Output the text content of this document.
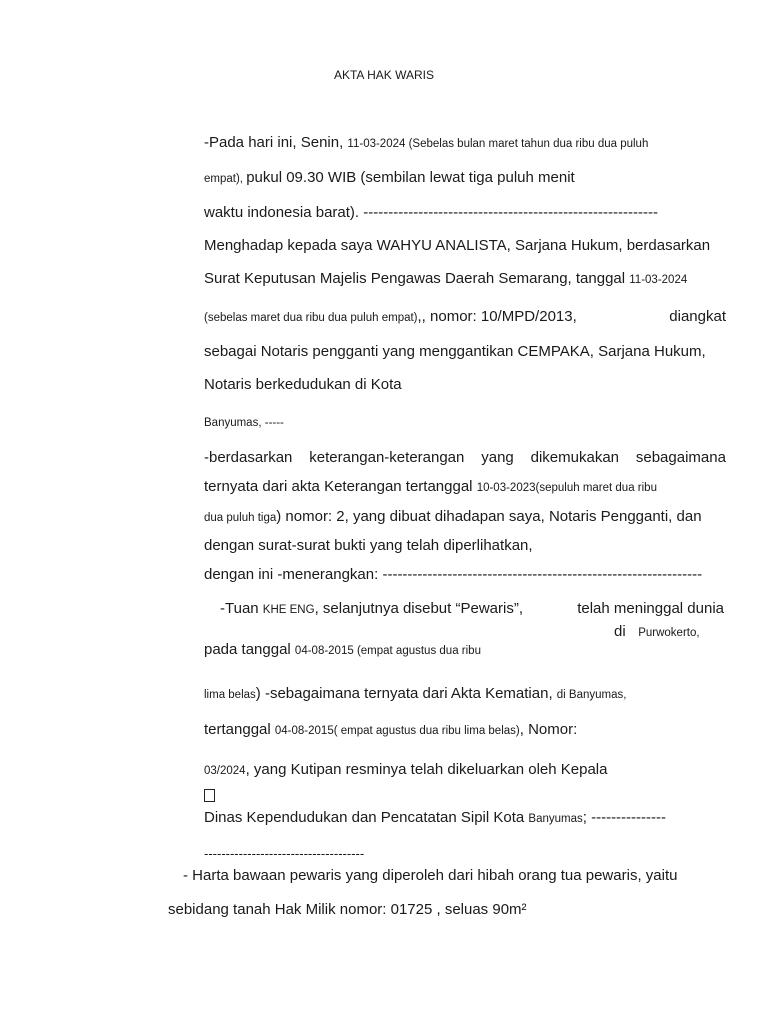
AKTA HAK WARIS
-Pada hari ini, Senin, 11-03-2024 (Sebelas bulan maret tahun dua ribu dua puluh
empat), pukul 09.30 WIB (sembilan lewat tiga puluh menit
waktu indonesia barat). -----------------------------------------------------------
Menghadap kepada saya WAHYU ANALISTA, Sarjana Hukum, berdasarkan
Surat Keputusan Majelis Pengawas Daerah Semarang, tanggal 11-03-2024
(sebelas maret dua ribu dua puluh empat),, nomor: 10/MPD/2013,	diangkat
sebagai Notaris pengganti yang menggantikan CEMPAKA, Sarjana Hukum,
Notaris berkedudukan di Kota
Banyumas, -----
-berdasarkan keterangan-keterangan yang dikemukakan sebagaimana
ternyata dari akta Keterangan tertanggal 10-03-2023(sepuluh maret dua ribu
dua puluh tiga) nomor: 2, yang dibuat dihadapan saya, Notaris Pengganti, dan
dengan surat-surat bukti yang telah diperlihatkan,
dengan ini -menerangkan: ----------------------------------------------------------------
-Tuan KHE ENG, selanjutnya disebut “Pewaris”,	telah meninggal dunia
di Purwokerto,
pada tanggal 04-08-2015 (empat agustus dua ribu
lima belas) -sebagaimana ternyata dari Akta Kematian, di Banyumas,
tertanggal 04-08-2015( empat agustus dua ribu lima belas), Nomor:
03/2024, yang Kutipan resminya telah dikeluarkan oleh Kepala
Dinas Kependudukan dan Pencatatan Sipil Kota Banyumas; ---------------
-------------------------------------
- Harta bawaan pewaris yang diperoleh dari hibah orang tua pewaris, yaitu
sebidang tanah Hak Milik nomor: 01725 , seluas 90m²
